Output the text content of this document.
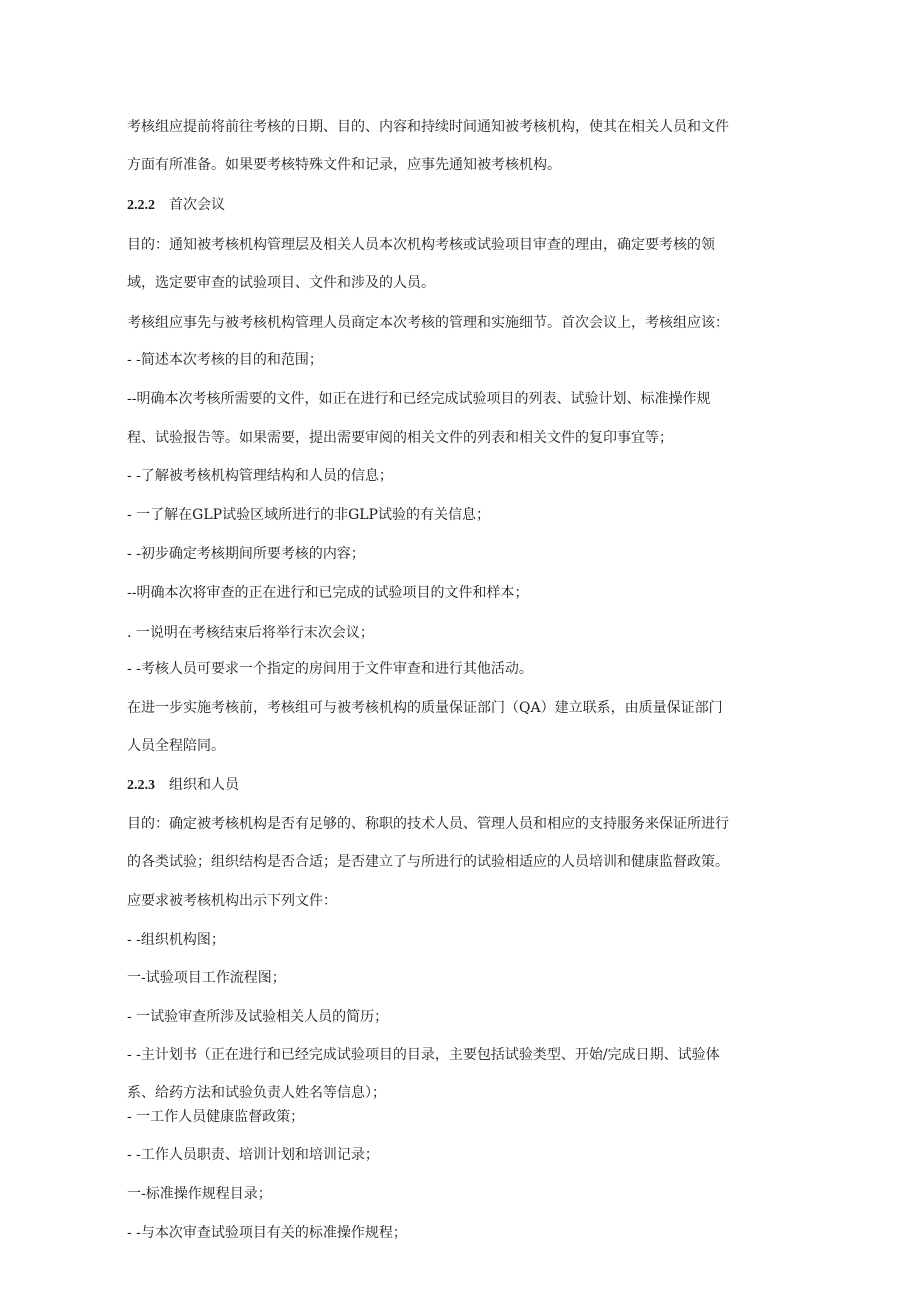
考核组应提前将前往考核的日期、目的、内容和持续时间通知被考核机构，使其在相关人员和文件
方面有所准备。如果要考核特殊文件和记录，应事先通知被考核机构。
2.2.2 首次会议
目的：通知被考核机构管理层及相关人员本次机构考核或试验项目审查的理由，确定要考核的领
域，选定要审查的试验项目、文件和涉及的人员。
考核组应事先与被考核机构管理人员商定本次考核的管理和实施细节。首次会议上，考核组应该：
- -简述本次考核的目的和范围；
--明确本次考核所需要的文件，如正在进行和已经完成试验项目的列表、试验计划、标准操作规
程、试验报告等。如果需要，提出需要审阅的相关文件的列表和相关文件的复印事宜等；
- -了解被考核机构管理结构和人员的信息；
- 一了解在GLP试验区域所进行的非GLP试验的有关信息；
- -初步确定考核期间所要考核的内容；
--明确本次将审查的正在进行和已完成的试验项目的文件和样本；
. 一说明在考核结束后将举行末次会议；
- -考核人员可要求一个指定的房间用于文件审查和进行其他活动。
在进一步实施考核前，考核组可与被考核机构的质量保证部门（QA）建立联系，由质量保证部门
人员全程陪同。
2.2.3 组织和人员
目的：确定被考核机构是否有足够的、称职的技术人员、管理人员和相应的支持服务来保证所进行
的各类试验；组织结构是否合适；是否建立了与所进行的试验相适应的人员培训和健康监督政策。
应要求被考核机构出示下列文件：
- -组织机构图；
一-试验项目工作流程图；
- 一试验审查所涉及试验相关人员的简历；
- -主计划书（正在进行和已经完成试验项目的目录，主要包括试验类型、开始/完成日期、试验体
系、给药方法和试验负责人姓名等信息）；
- 一工作人员健康监督政策；
- -工作人员职责、培训计划和培训记录；
一-标准操作规程目录；
- -与本次审查试验项目有关的标准操作规程；
